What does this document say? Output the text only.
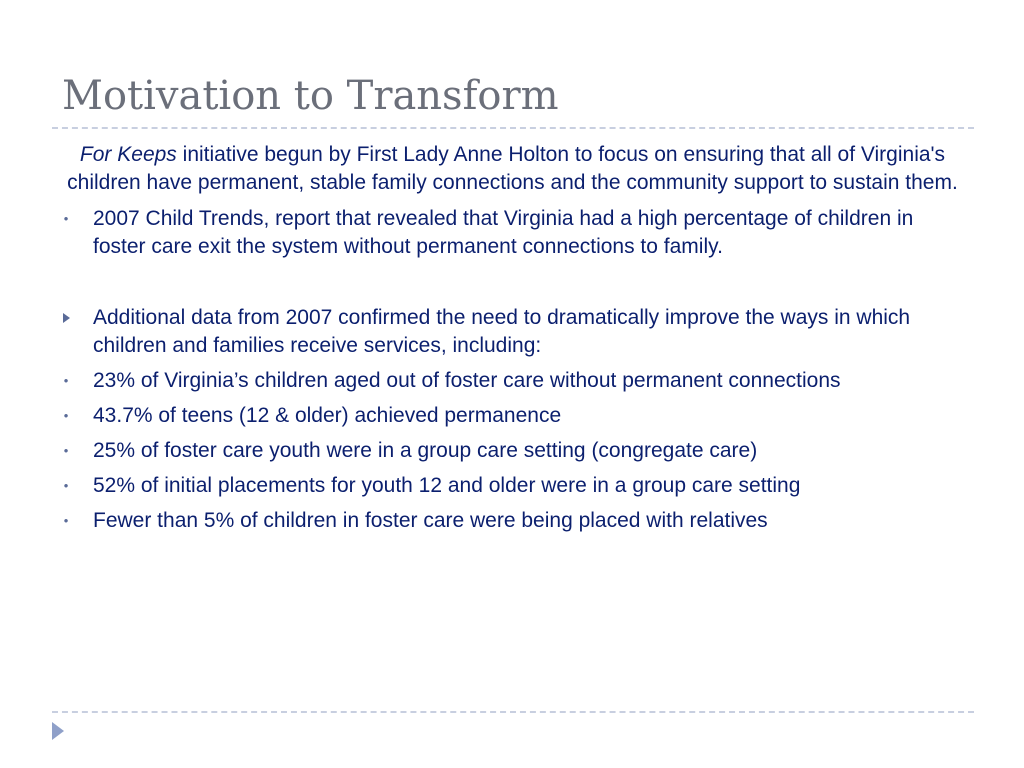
Motivation to Transform

For Keeps initiative begun by First Lady Anne Holton to focus on ensuring that all of Virginia's children have permanent, stable family connections and the community support to sustain them.

• 2007 Child Trends, report that revealed that Virginia had a high percentage of children in foster care exit the system without permanent connections to family.
Additional data from 2007 confirmed the need to dramatically improve the ways in which children and families receive services, including:
• 23% of Virginia’s children aged out of foster care without permanent connections
• 43.7% of teens (12 & older) achieved permanence
• 25% of foster care youth were in a group care setting (congregate care)
• 52% of initial placements for youth 12 and older were in a group care setting
• Fewer than 5% of children in foster care were being placed with relatives
